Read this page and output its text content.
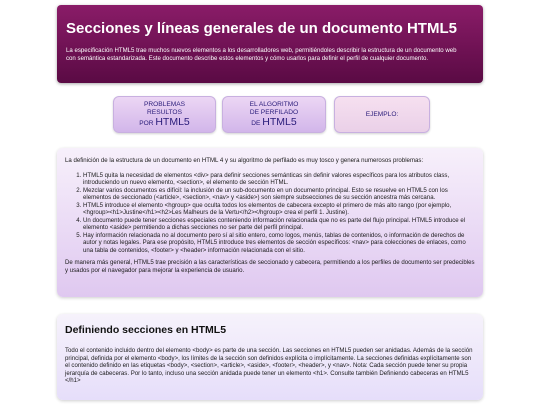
Secciones y líneas generales de un documento HTML5

La especificación HTML5 trae muchos nuevos elementos a los desarrolladores web, permitiéndoles describir la estructura de un documento web con semántica estandarizada. Este documento describe estos elementos y cómo usarlos para definir el perfil de cualquier documento.

PROBLEMAS
RESULTOS
POR HTML5
EL ALGORITMO
DE PERFILADO
DE HTML5
EJEMPLO:

La definición de la estructura de un documento en HTML 4 y su algoritmo de perfilado es muy tosco y genera numerosos problemas:

1. HTML5 quita la necesidad de elementos <div> para definir secciones semánticas sin definir valores específicos para los atributos class, introduciendo un nuevo elemento, <section>, el elemento de sección HTML.
2. Mezclar varios documentos es difícil: la inclusión de un sub-documento en un documento principal. Esto se resuelve en HTML5 con los elementos de seccionado (<article>, <section>, <nav> y <aside>) son siempre subsecciones de su sección ancestra más cercana.
3. HTML5 introduce el elemento <hgroup> que oculta todos los elementos de cabecera excepto el primero de más alto rango (por ejemplo, <hgroup><h1>Justine</h1><h2>Les Malheurs de la Vertu</h2></hgroup> crea el perfil 1. Justine).
4. Un documento puede tener secciones especiales conteniendo información relacionada que no es parte del flujo principal. HTML5 introduce el elemento <aside> permitiendo a dichas secciones no ser parte del perfil principal.
5. Hay información relacionada no al documento pero sí al sitio entero, como logos, menús, tablas de contenidos, o información de derechos de autor y notas legales. Para ese propósito, HTML5 introduce tres elementos de sección específicos: <nav> para colecciones de enlaces, como una tabla de contenidos, <footer> y <header> información relacionada con el sitio.

De manera más general, HTML5 trae precisión a las características de seccionado y cabecera, permitiendo a los perfiles de documento ser predecibles y usados por el navegador para mejorar la experiencia de usuario.

Definiendo secciones en HTML5

Todo el contenido incluido dentro del elemento <body> es parte de una sección. Las secciones en HTML5 pueden ser anidadas. Además de la sección principal, definida por el elemento <body>, los límites de la sección son definidos explícita o implícitamente. La secciones definidas explícitamente son el contenido definido en las etiquetas <body>, <section>, <article>, <aside>, <footer>, <header>, y <nav>. Nota: Cada sección puede tener su propia jerarquía de cabeceras. Por lo tanto, incluso una sección anidada puede tener un elemento <h1>. Consulte también Definiendo cabeceras en HTML5 </h1>
